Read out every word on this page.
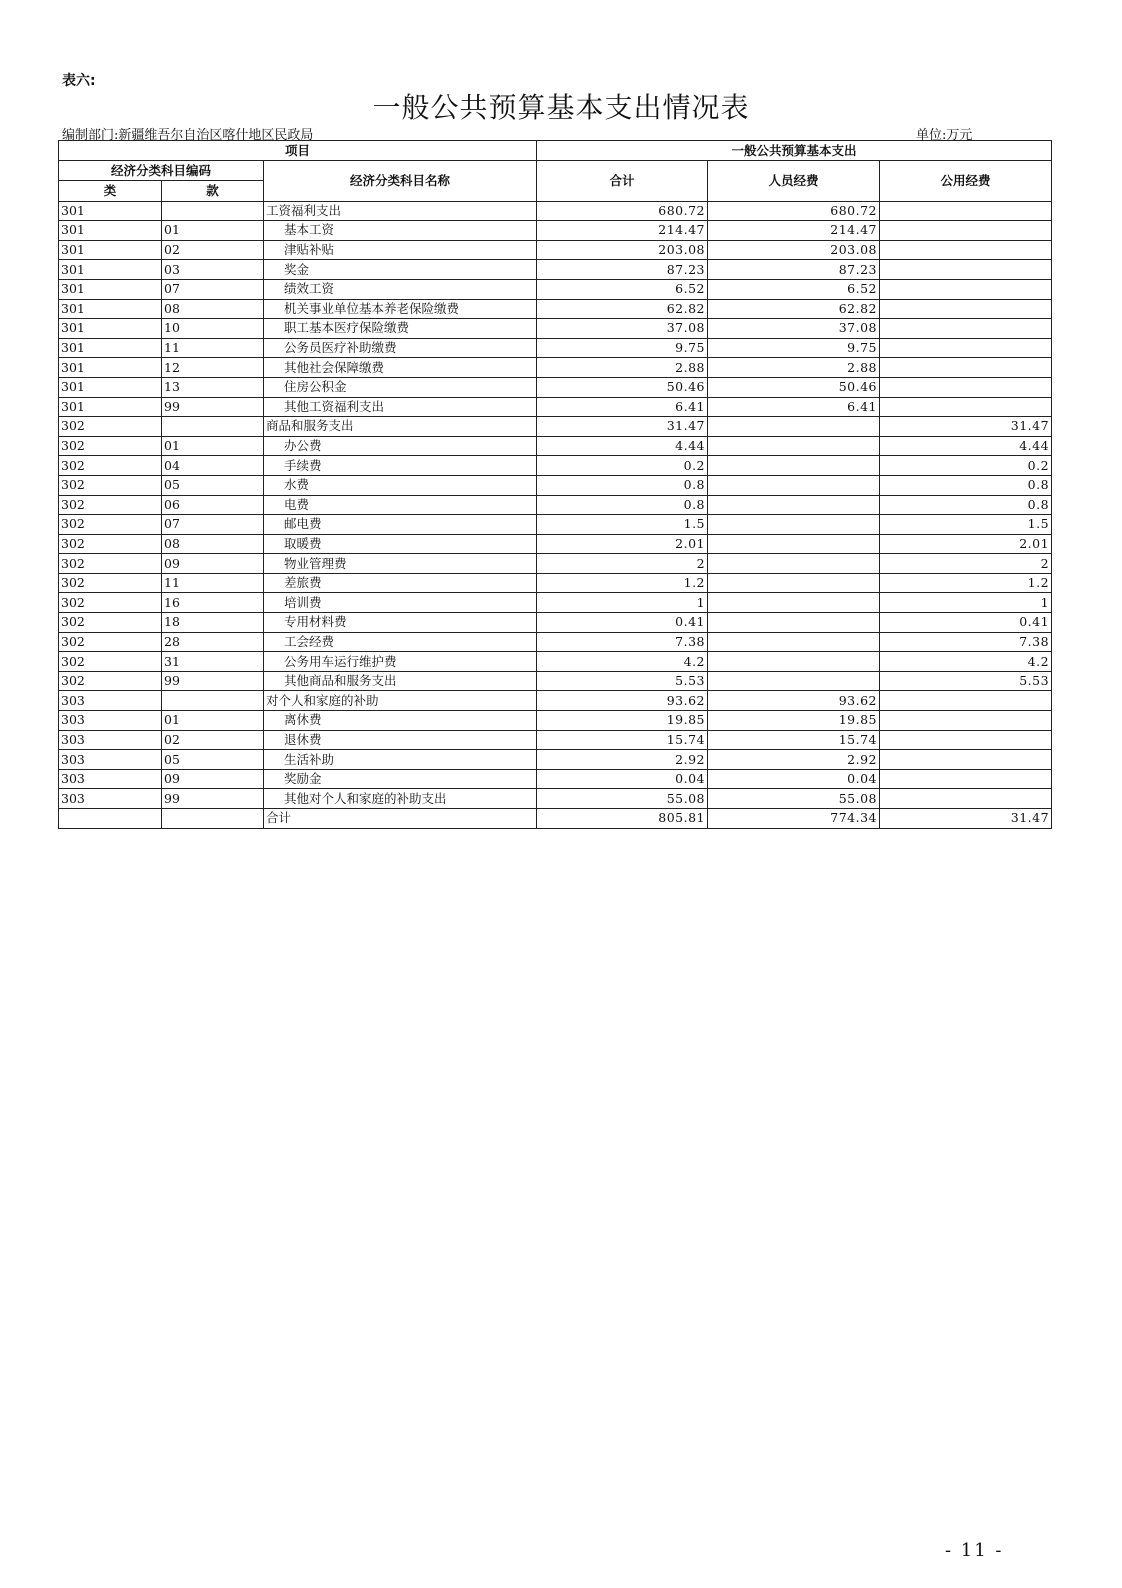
表六:
一般公共预算基本支出情况表
编制部门:新疆维吾尔自治区喀什地区民政局	单位:万元
项目			一般公共预算基本支出		
经济分类科目编码		经济分类科目名称	合计	人员经费	公用经费
类	款				
301		工资福利支出	680.72	680.72	
301	01	基本工资	214.47	214.47	
301	02	津贴补贴	203.08	203.08	
301	03	奖金	87.23	87.23	
301	07	绩效工资	6.52	6.52	
301	08	机关事业单位基本养老保险缴费	62.82	62.82	
301	10	职工基本医疗保险缴费	37.08	37.08	
301	11	公务员医疗补助缴费	9.75	9.75	
301	12	其他社会保障缴费	2.88	2.88	
301	13	住房公积金	50.46	50.46	
301	99	其他工资福利支出	6.41	6.41	
302		商品和服务支出	31.47		31.47
302	01	办公费	4.44		4.44
302	04	手续费	0.2		0.2
302	05	水费	0.8		0.8
302	06	电费	0.8		0.8
302	07	邮电费	1.5		1.5
302	08	取暖费	2.01		2.01
302	09	物业管理费	2		2
302	11	差旅费	1.2		1.2
302	16	培训费	1		1
302	18	专用材料费	0.41		0.41
302	28	工会经费	7.38		7.38
302	31	公务用车运行维护费	4.2		4.2
302	99	其他商品和服务支出	5.53		5.53
303		对个人和家庭的补助	93.62	93.62	
303	01	离休费	19.85	19.85	
303	02	退休费	15.74	15.74	
303	05	生活补助	2.92	2.92	
303	09	奖励金	0.04	0.04	
303	99	其他对个人和家庭的补助支出	55.08	55.08	
		合计	805.81	774.34	31.47
- 11 -
